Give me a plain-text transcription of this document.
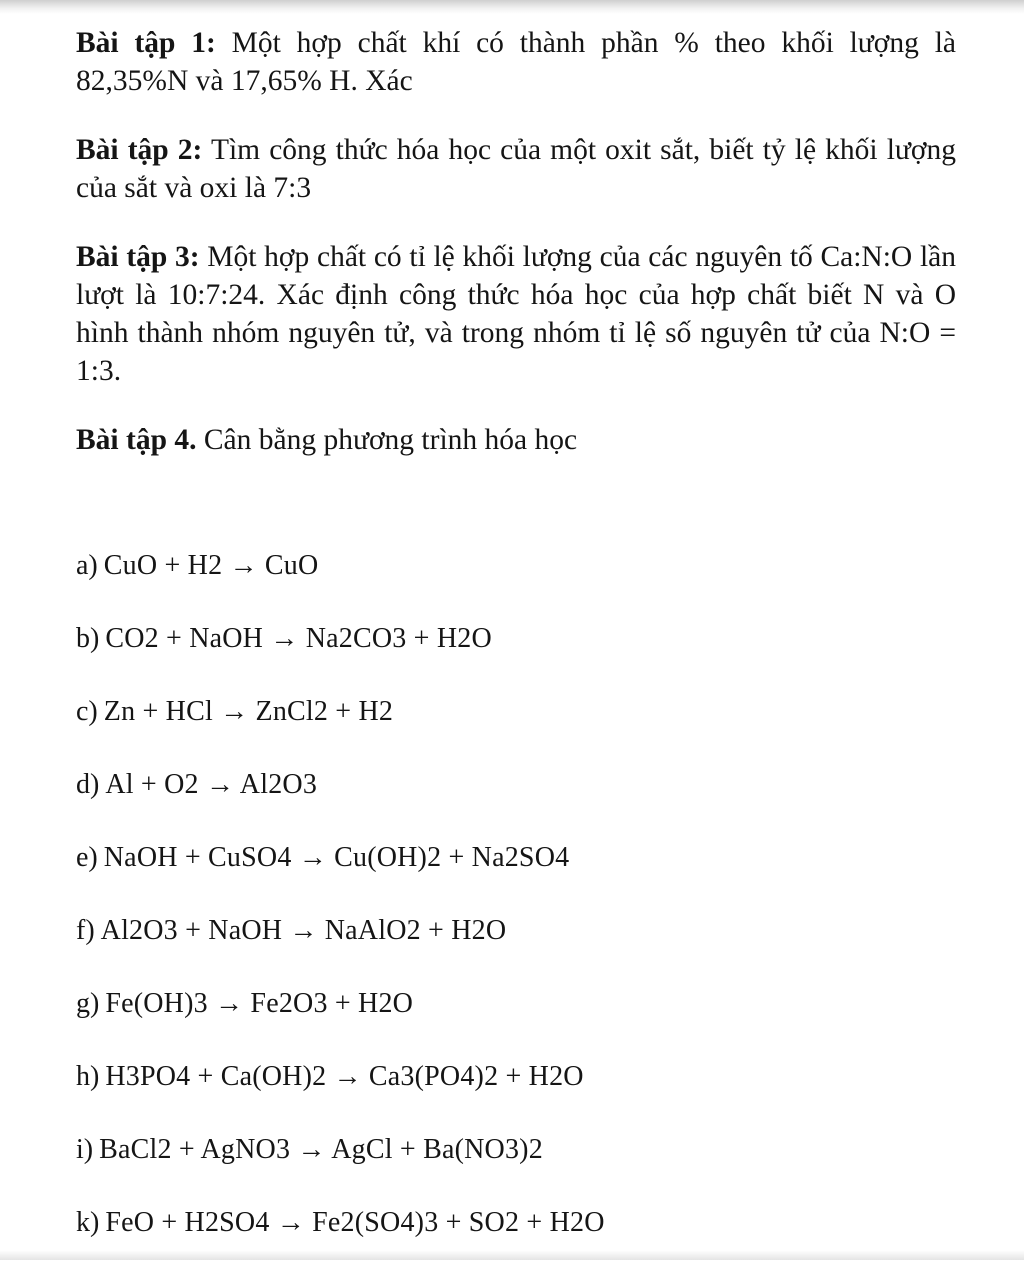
Bài tập 1: Một hợp chất khí có thành phần % theo khối lượng là 82,35%N và 17,65% H. Xác

Bài tập 2: Tìm công thức hóa học của một oxit sắt, biết tỷ lệ khối lượng của sắt và oxi là 7:3

Bài tập 3: Một hợp chất có tỉ lệ khối lượng của các nguyên tố Ca:N:O lần lượt là 10:7:24. Xác định công thức hóa học của hợp chất biết N và O hình thành nhóm nguyên tử, và trong nhóm tỉ lệ số nguyên tử của N:O = 1:3.

Bài tập 4. Cân bằng phương trình hóa học

a) CuO + H2 → CuO
b) CO2 + NaOH → Na2CO3 + H2O
c) Zn + HCl → ZnCl2 + H2
d) Al + O2 → Al2O3
e) NaOH + CuSO4 → Cu(OH)2 + Na2SO4
f) Al2O3 + NaOH → NaAlO2 + H2O
g) Fe(OH)3 → Fe2O3 + H2O
h) H3PO4 + Ca(OH)2 → Ca3(PO4)2 + H2O
i) BaCl2 + AgNO3 → AgCl + Ba(NO3)2
k) FeO + H2SO4 → Fe2(SO4)3 + SO2 + H2O
